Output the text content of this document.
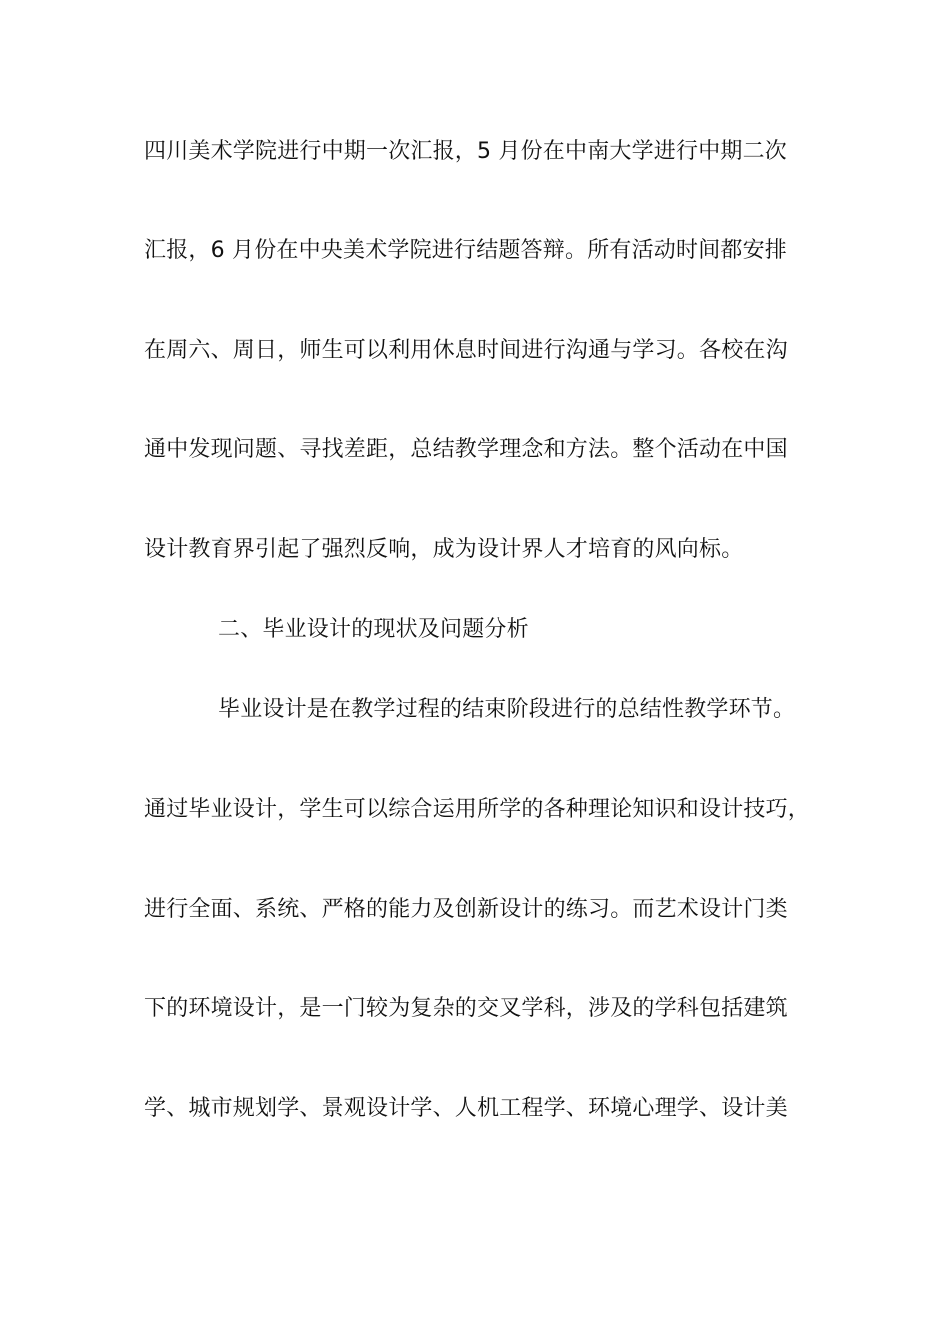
四川美术学院进行中期一次汇报，5 月份在中南大学进行中期二次
汇报，6 月份在中央美术学院进行结题答辩。所有活动时间都安排
在周六、周日，师生可以利用休息时间进行沟通与学习。各校在沟
通中发现问题、寻找差距，总结教学理念和方法。整个活动在中国
设计教育界引起了强烈反响，成为设计界人才培育的风向标。
二、毕业设计的现状及问题分析
毕业设计是在教学过程的结束阶段进行的总结性教学环节。
通过毕业设计，学生可以综合运用所学的各种理论知识和设计技巧，
进行全面、系统、严格的能力及创新设计的练习。而艺术设计门类
下的环境设计，是一门较为复杂的交叉学科，涉及的学科包括建筑
学、城市规划学、景观设计学、人机工程学、环境心理学、设计美
